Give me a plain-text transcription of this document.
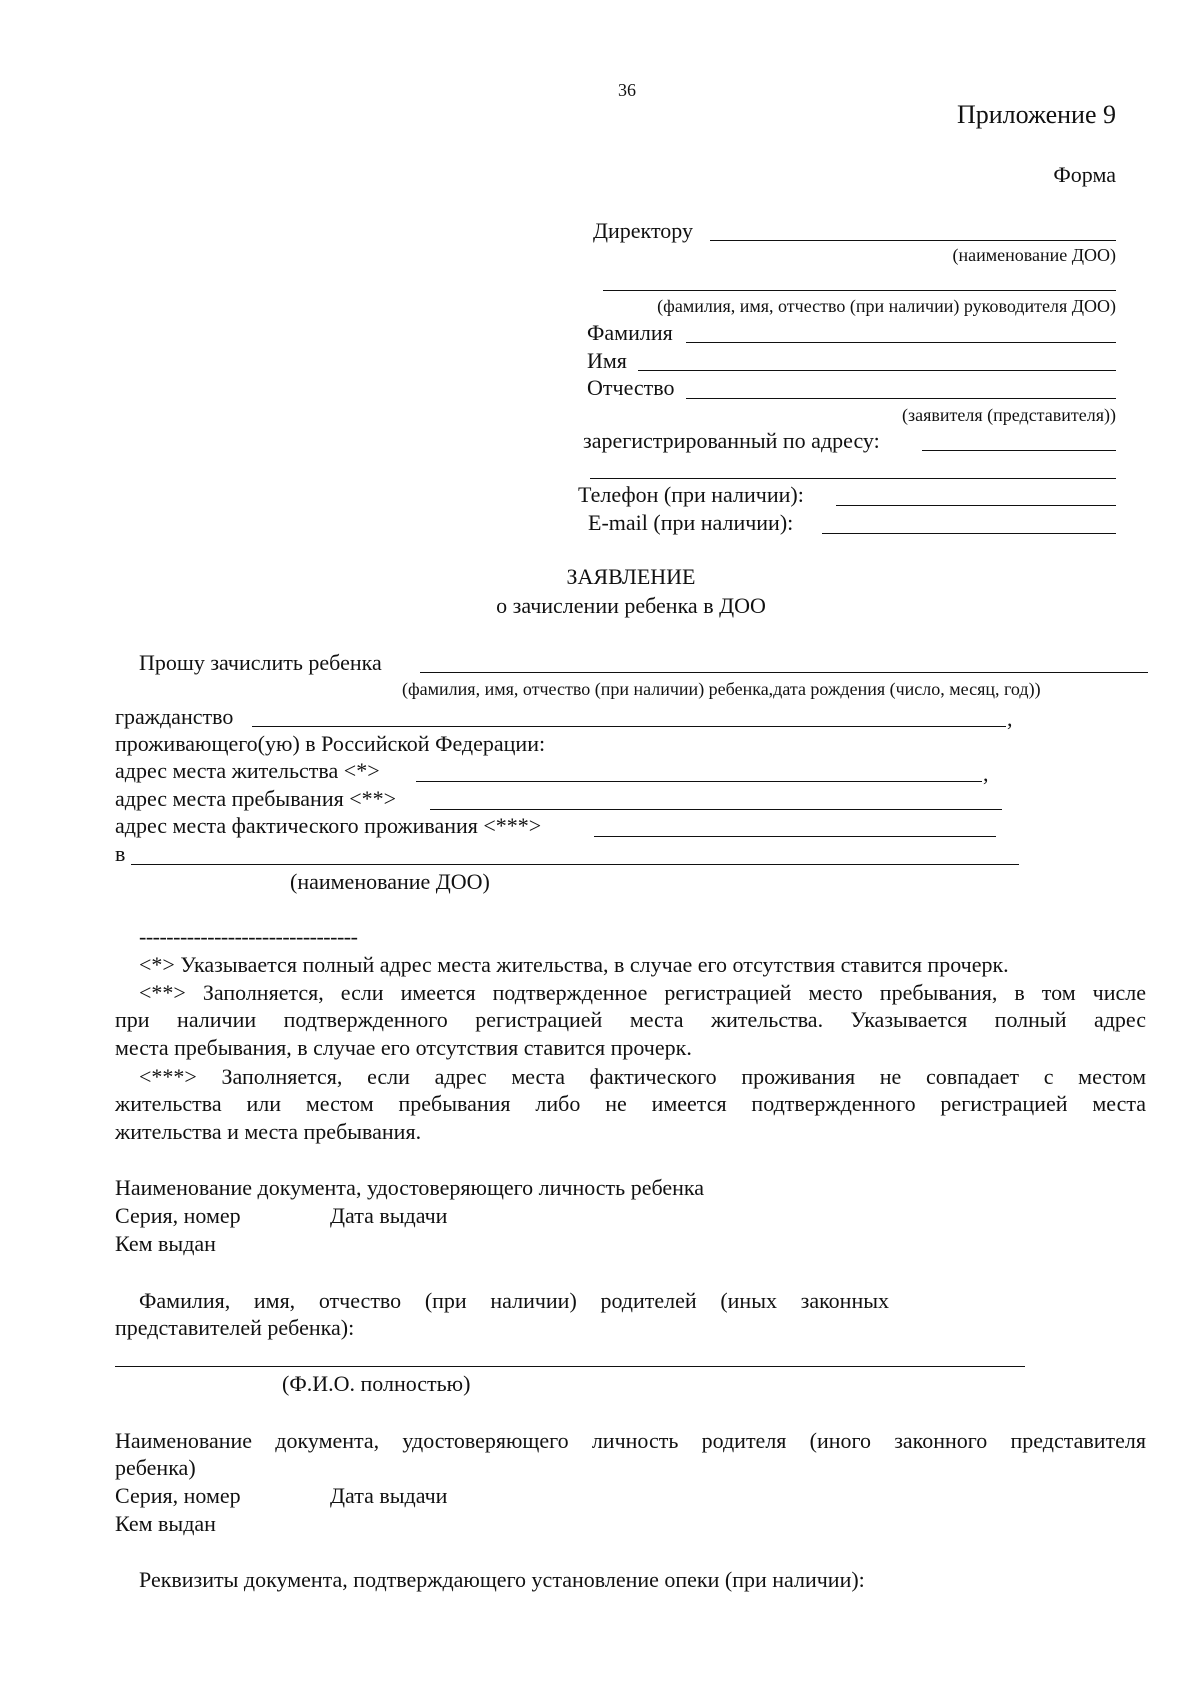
36
Приложение 9
Форма
Директору
(наименование ДОО)
(фамилия, имя, отчество (при наличии) руководителя ДОО)
Фамилия
Имя
Отчество
(заявителя (представителя))
зарегистрированный по адресу:
Телефон (при наличии):
E-mail (при наличии):
ЗАЯВЛЕНИЕ
о зачислении ребенка в ДОО
Прошу зачислить ребенка
(фамилия, имя, отчество (при наличии) ребенка,дата рождения (число, месяц, год))
гражданство	,
проживающего(ую) в Российской Федерации:
адрес места жительства <*>	,
адрес места пребывания <**>
адрес места фактического проживания <***>
в
(наименование ДОО)
--------------------------------
<*> Указывается полный адрес места жительства, в случае его отсутствия ставится прочерк.
<**> Заполняется, если имеется подтвержденное регистрацией место пребывания, в том числе
при наличии подтвержденного регистрацией места жительства. Указывается полный адрес
места пребывания, в случае его отсутствия ставится прочерк.
<***> Заполняется, если адрес места фактического проживания не совпадает с местом
жительства или местом пребывания либо не имеется подтвержденного регистрацией места
жительства и места пребывания.
Наименование документа, удостоверяющего личность ребенка
Серия, номер	Дата выдачи
Кем выдан
Фамилия, имя, отчество (при наличии) родителей (иных законных
представителей ребенка):
(Ф.И.О. полностью)
Наименование документа, удостоверяющего личность родителя (иного законного представителя
ребенка)
Серия, номер	Дата выдачи
Кем выдан
Реквизиты документа, подтверждающего установление опеки (при наличии):
